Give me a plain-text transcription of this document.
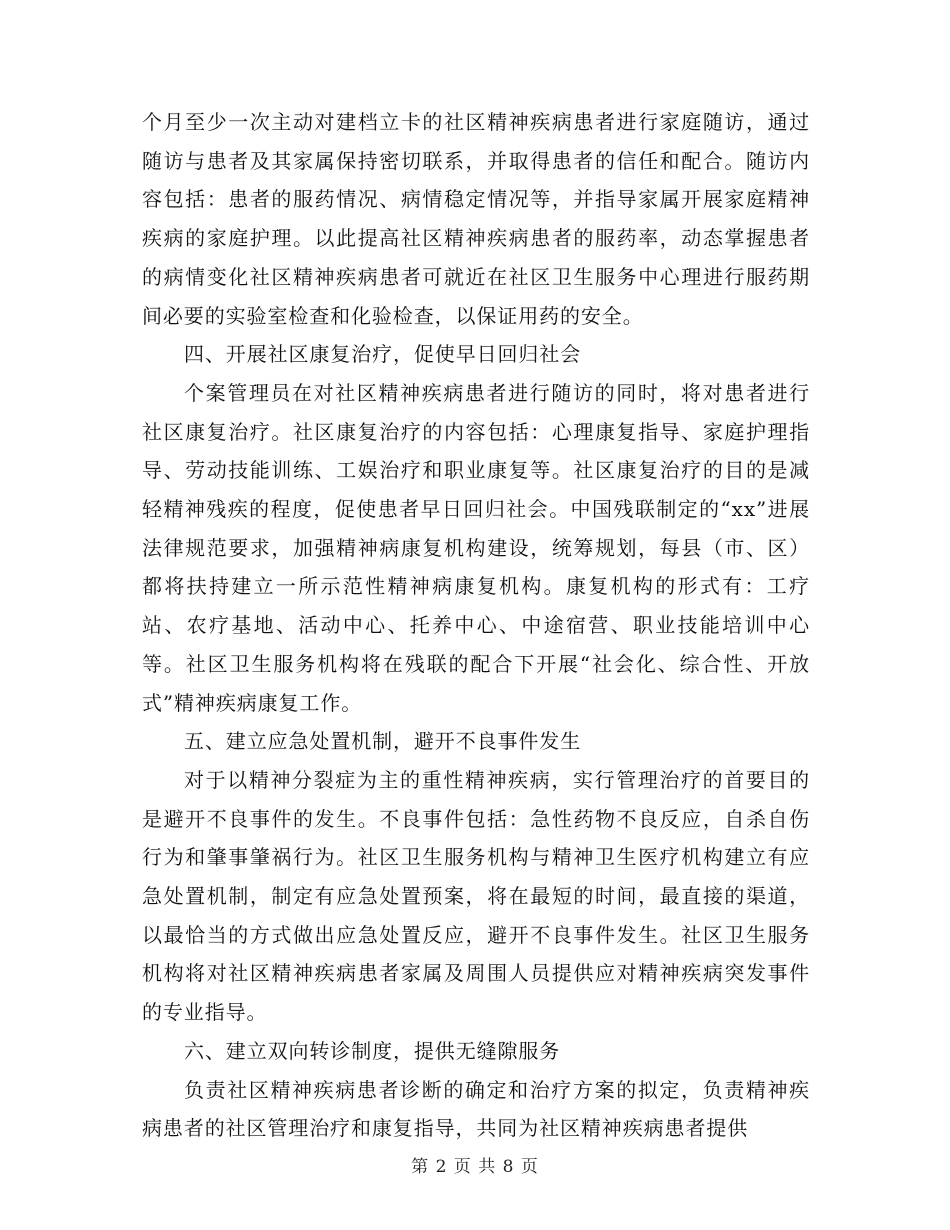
个月至少一次主动对建档立卡的社区精神疾病患者进行家庭随访，通过随访与患者及其家属保持密切联系，并取得患者的信任和配合。随访内容包括：患者的服药情况、病情稳定情况等，并指导家属开展家庭精神疾病的家庭护理。以此提高社区精神疾病患者的服药率，动态掌握患者的病情变化社区精神疾病患者可就近在社区卫生服务中心理进行服药期间必要的实验室检查和化验检查，以保证用药的安全。

四、开展社区康复治疗，促使早日回归社会

个案管理员在对社区精神疾病患者进行随访的同时，将对患者进行社区康复治疗。社区康复治疗的内容包括：心理康复指导、家庭护理指导、劳动技能训练、工娱治疗和职业康复等。社区康复治疗的目的是减轻精神残疾的程度，促使患者早日回归社会。中国残联制定的“xx”进展法律规范要求，加强精神病康复机构建设，统筹规划，每县（市、区）都将扶持建立一所示范性精神病康复机构。康复机构的形式有：工疗站、农疗基地、活动中心、托养中心、中途宿营、职业技能培训中心等。社区卫生服务机构将在残联的配合下开展“社会化、综合性、开放式”精神疾病康复工作。

五、建立应急处置机制，避开不良事件发生

对于以精神分裂症为主的重性精神疾病，实行管理治疗的首要目的是避开不良事件的发生。不良事件包括：急性药物不良反应，自杀自伤行为和肇事肇祸行为。社区卫生服务机构与精神卫生医疗机构建立有应急处置机制，制定有应急处置预案，将在最短的时间，最直接的渠道，以最恰当的方式做出应急处置反应，避开不良事件发生。社区卫生服务机构将对社区精神疾病患者家属及周围人员提供应对精神疾病突发事件的专业指导。

六、建立双向转诊制度，提供无缝隙服务

负责社区精神疾病患者诊断的确定和治疗方案的拟定，负责精神疾病患者的社区管理治疗和康复指导，共同为社区精神疾病患者提供

第 2 页 共 8 页
